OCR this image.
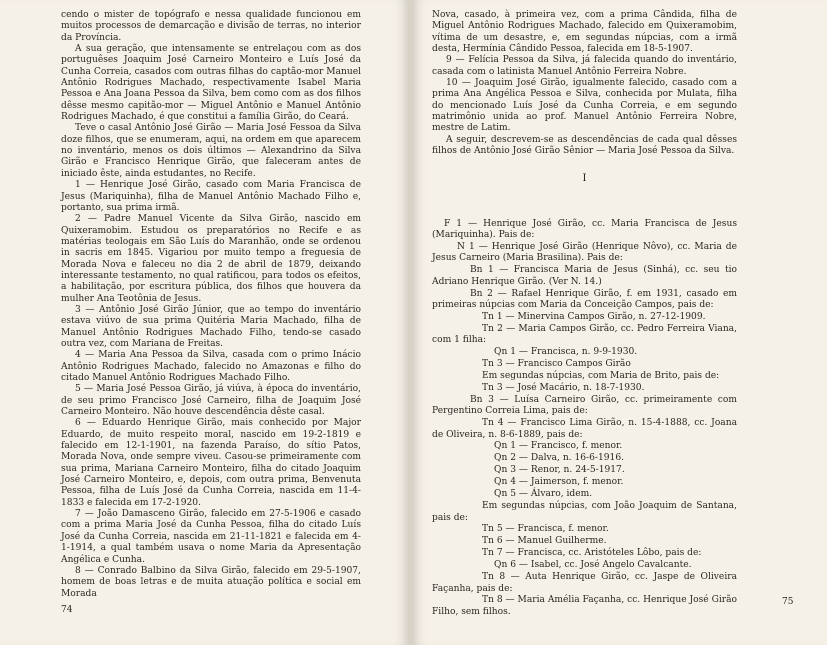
cendo o mister de topógrafo e nessa qualidade funcionou em muitos processos de demarcação e divisão de terras, no interior da Província.

A sua geração, que intensamente se entrelaçou com as dos portuguêses Joaquim José Carneiro Monteiro e Luís José da Cunha Correia, casados com outras filhas do captão-mor Manuel Antônio Rodrigues Machado, respectivamente Isabel Maria Pessoa e Ana Joana Pessoa da Silva, bem como com as dos filhos dêsse mesmo capitão-mor — Miguel Antônio e Manuel Antônio Rodrigues Machado, é que constitui a família Girão, do Ceará.

Teve o casal Antônio José Girão — Maria José Fessoa da Silva doze filhos, que se enumeram, aqui, na ordem em que aparecem no inventário, menos os dois últimos — Alexandrino da Silva Girão e Francisco Henrique Girão, que faleceram antes de iniciado êste, ainda estudantes, no Recife.

1 — Henrique José Girão, casado com Maria Francisca de Jesus (Mariquinha), filha de Manuel Antônio Machado Filho e, portanto, sua prima irmã.

2 — Padre Manuel Vicente da Silva Girão, nascido em Quixeramobim. Estudou os preparatórios no Recife e as matérias teologais em São Luís do Maranhão, onde se ordenou in sacris em 1845. Vigariou por muito tempo a freguesia de Morada Nova e faleceu no dia 2 de abril de 1879, deixando interessante testamento, no qual ratificou, para todos os efeitos, a habilitação, por escritura pública, dos filhos que houvera da mulher Ana Teotônia de Jesus.

3 — Antônio José Girão Júnior, que ao tempo do inventário estava viúvo de sua prima Quitéria Maria Machado, filha de Manuel Antônio Rodrigues Machado Filho, tendo-se casado outra vez, com Mariana de Freitas.

4 — Maria Ana Pessoa da Silva, casada com o primo Inácio Antônio Rodrigues Machado, falecido no Amazonas e filho do citado Manuel Antônio Rodrigues Machado Filho.

5 — Maria José Pessoa Girão, já viúva, à época do inventário, de seu primo Francisco José Carneiro, filha de Joaquim José Carneiro Monteiro. Não houve descendência dêste casal.

6 — Eduardo Henrique Girão, mais conhecido por Major Eduardo, de muito respeito moral, nascido em 19-2-1819 e falecido em 12-1-1901, na fazenda Paraíso, do sítio Patos, Morada Nova, onde sempre viveu. Casou-se primeiramente com sua prima, Mariana Carneiro Monteiro, filha do citado Joaquim José Carneiro Monteiro, e, depois, com outra prima, Benvenuta Pessoa, filha de Luís José da Cunha Correia, nascida em 11-4-1833 e falecida em 17-2-1920.

7 — João Damasceno Girão, falecido em 27-5-1906 e casado com a prima Maria José da Cunha Pessoa, filha do citado Luís José da Cunha Correia, nascida em 21-11-1821 e falecida em 4-1-1914, a qual também usava o nome Maria da Apresentação Angélica e Cunha.

8 — Conrado Balbino da Silva Girão, falecido em 29-5-1907, homem de boas letras e de muita atuação política e social em Morada

74

Nova, casado, à primeira vez, com a prima Cândida, filha de Miguel Antônio Rodrigues Machado, falecido em Quixeramobim, vítima de um desastre, e, em segundas núpcias, com a irmã desta, Hermínia Cândido Pessoa, falecida em 18-5-1907.

9 — Felícia Pessoa da Silva, já falecida quando do inventário, casada com o latinista Manuel Antônio Ferreira Nobre.

10 — Joaquim José Girão, igualmente falecido, casado com a prima Ana Angélica Pessoa e Silva, conhecida por Mulata, filha do mencionado Luís José da Cunha Correia, e em segundo matrimônio unida ao prof. Manuel Antônio Ferreira Nobre, mestre de Latim.

A seguir, descrevem-se as descendências de cada qual dêsses filhos de Antônio José Girão Sênior — Maria José Pessoa da Silva.

I

F 1 — Henrique José Girão, cc. Maria Francisca de Jesus (Mariquinha). Pais de:

N 1 — Henrique José Girão (Henrique Nôvo), cc. Maria de Jesus Carneiro (Maria Brasilina). Pais de:

Bn 1 — Francisca Maria de Jesus (Sinhá), cc. seu tio Adriano Henrique Girão. (Ver N. 14.)

Bn 2 — Rafael Henrique Girão, f. em 1931, casado em primeiras núpcias com Maria da Conceição Campos, pais de:

Tn 1 — Minervina Campos Girão, n. 27-12-1909.

Tn 2 — Maria Campos Girão, cc. Pedro Ferreira Viana, com 1 filha:

Qn 1 — Francisca, n. 9-9-1930.

Tn 3 — Francisco Campos Girão

Em segundas núpcias, com Maria de Brito, pais de:

Tn 3 — José Macário, n. 18-7-1930.

Bn 3 — Luísa Carneiro Girão, cc. primeiramente com Pergentino Correia Lima, pais de:

Tn 4 — Francisco Lima Girão, n. 15-4-1888, cc. Joana de Oliveira, n. 8-6-1889, pais de:

Qn 1 — Francisco, f. menor.

Qn 2 — Dalva, n. 16-6-1916.

Qn 3 — Renor, n. 24-5-1917.

Qn 4 — Jaimerson, f. menor.

Qn 5 — Álvaro, idem.

Em segundas núpcias, com João Joaquim de Santana, pais de:

Tn 5 — Francisca, f. menor.

Tn 6 — Manuel Guilherme.

Tn 7 — Francisca, cc. Aristóteles Lôbo, pais de:

Qn 6 — Isabel, cc. José Angelo Cavalcante.

Tn 8 — Auta Henrique Girão, cc. Jaspe de Oliveira Façanha, pais de:

Tn 8 — Maria Amélia Façanha, cc. Henrique José Girão Filho, sem filhos.

75
